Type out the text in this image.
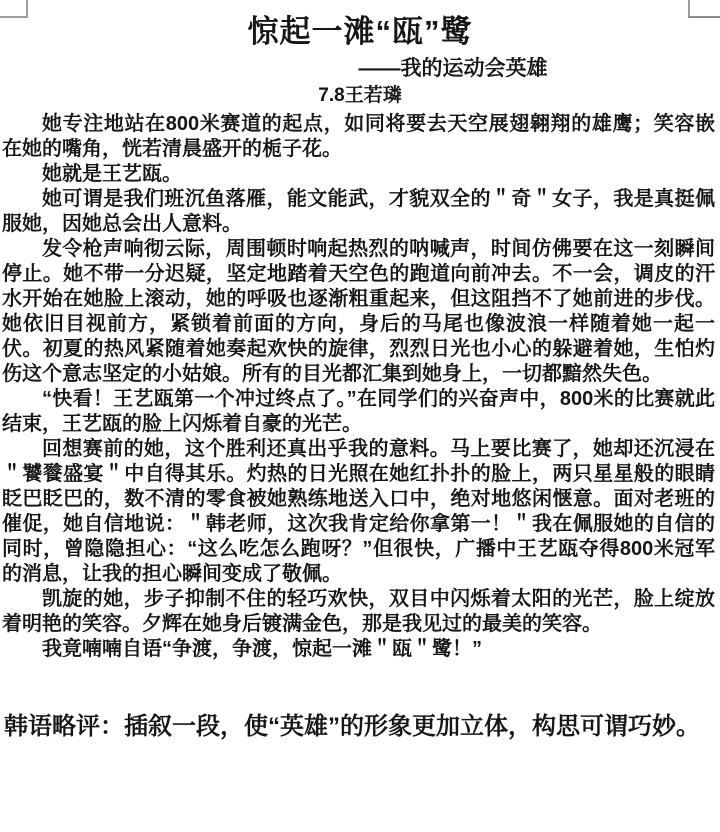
惊起一滩“瓯”鹭
——我的运动会英雄
7.8王若璘

她专注地站在800米赛道的起点，如同将要去天空展翅翱翔的雄鹰；笑容嵌在她的嘴角，恍若清晨盛开的栀子花。

她就是王艺瓯。

她可谓是我们班沉鱼落雁，能文能武，才貌双全的＂奇＂女子，我是真挺佩服她，因她总会出人意料。

发令枪声响彻云际，周围顿时响起热烈的呐喊声，时间仿佛要在这一刻瞬间停止。她不带一分迟疑，坚定地踏着天空色的跑道向前冲去。不一会，调皮的汗水开始在她脸上滚动，她的呼吸也逐渐粗重起来，但这阻挡不了她前进的步伐。她依旧目视前方，紧锁着前面的方向，身后的马尾也像波浪一样随着她一起一伏。初夏的热风紧随着她奏起欢快的旋律，烈烈日光也小心的躲避着她，生怕灼伤这个意志坚定的小姑娘。所有的目光都汇集到她身上，一切都黯然失色。

“快看！王艺瓯第一个冲过终点了。”在同学们的兴奋声中，800米的比赛就此结束，王艺瓯的脸上闪烁着自豪的光芒。

回想赛前的她，这个胜利还真出乎我的意料。马上要比赛了，她却还沉浸在＂饕餮盛宴＂中自得其乐。灼热的日光照在她红扑扑的脸上，两只星星般的眼睛眨巴眨巴的，数不清的零食被她熟练地送入口中，绝对地悠闲惬意。面对老班的催促，她自信地说：＂韩老师，这次我肯定给你拿第一！＂我在佩服她的自信的同时，曾隐隐担心：“这么吃怎么跑呀？”但很快，广播中王艺瓯夺得800米冠军的消息，让我的担心瞬间变成了敬佩。

凯旋的她，步子抑制不住的轻巧欢快，双目中闪烁着太阳的光芒，脸上绽放着明艳的笑容。夕辉在她身后镀满金色，那是我见过的最美的笑容。

我竟喃喃自语“争渡，争渡，惊起一滩＂瓯＂鹭！”

韩语略评：插叙一段，使“英雄”的形象更加立体，构思可谓巧妙。
